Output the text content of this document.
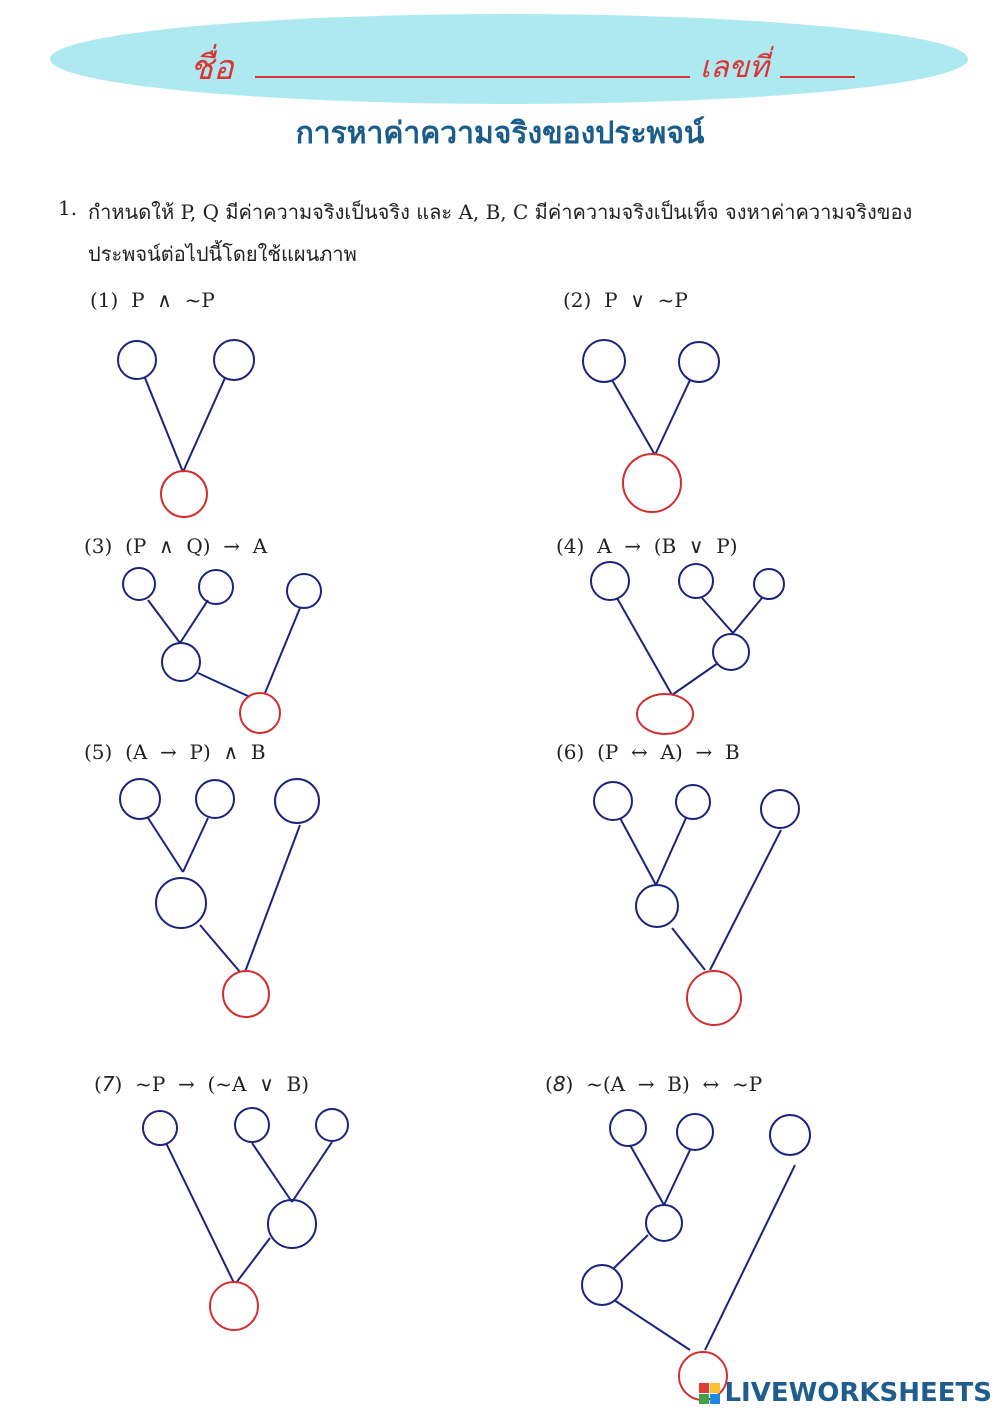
ชื่อ	เลขที่
การหาค่าความจริงของประพจน์
1. กำหนดให้ P, Q มีค่าความจริงเป็นจริง และ A, B, C มีค่าความจริงเป็นเท็จ จงหาค่าความจริงของ
ประพจน์ต่อไปนี้โดยใช้แผนภาพ
(1) P  ∧  ~P	(2) P  ∨  ~P
(3) (P  ∧  Q)  →  A	(4) A  →  (B  ∨  P)
(5) (A  →  P)  ∧  B	(6) (P  ↔  A)  →  B
(7)  ~P  →  (~A  ∨  B)	(8)  ~(A  →  B)  ↔  ~P
LIVEWORKSHEETS
